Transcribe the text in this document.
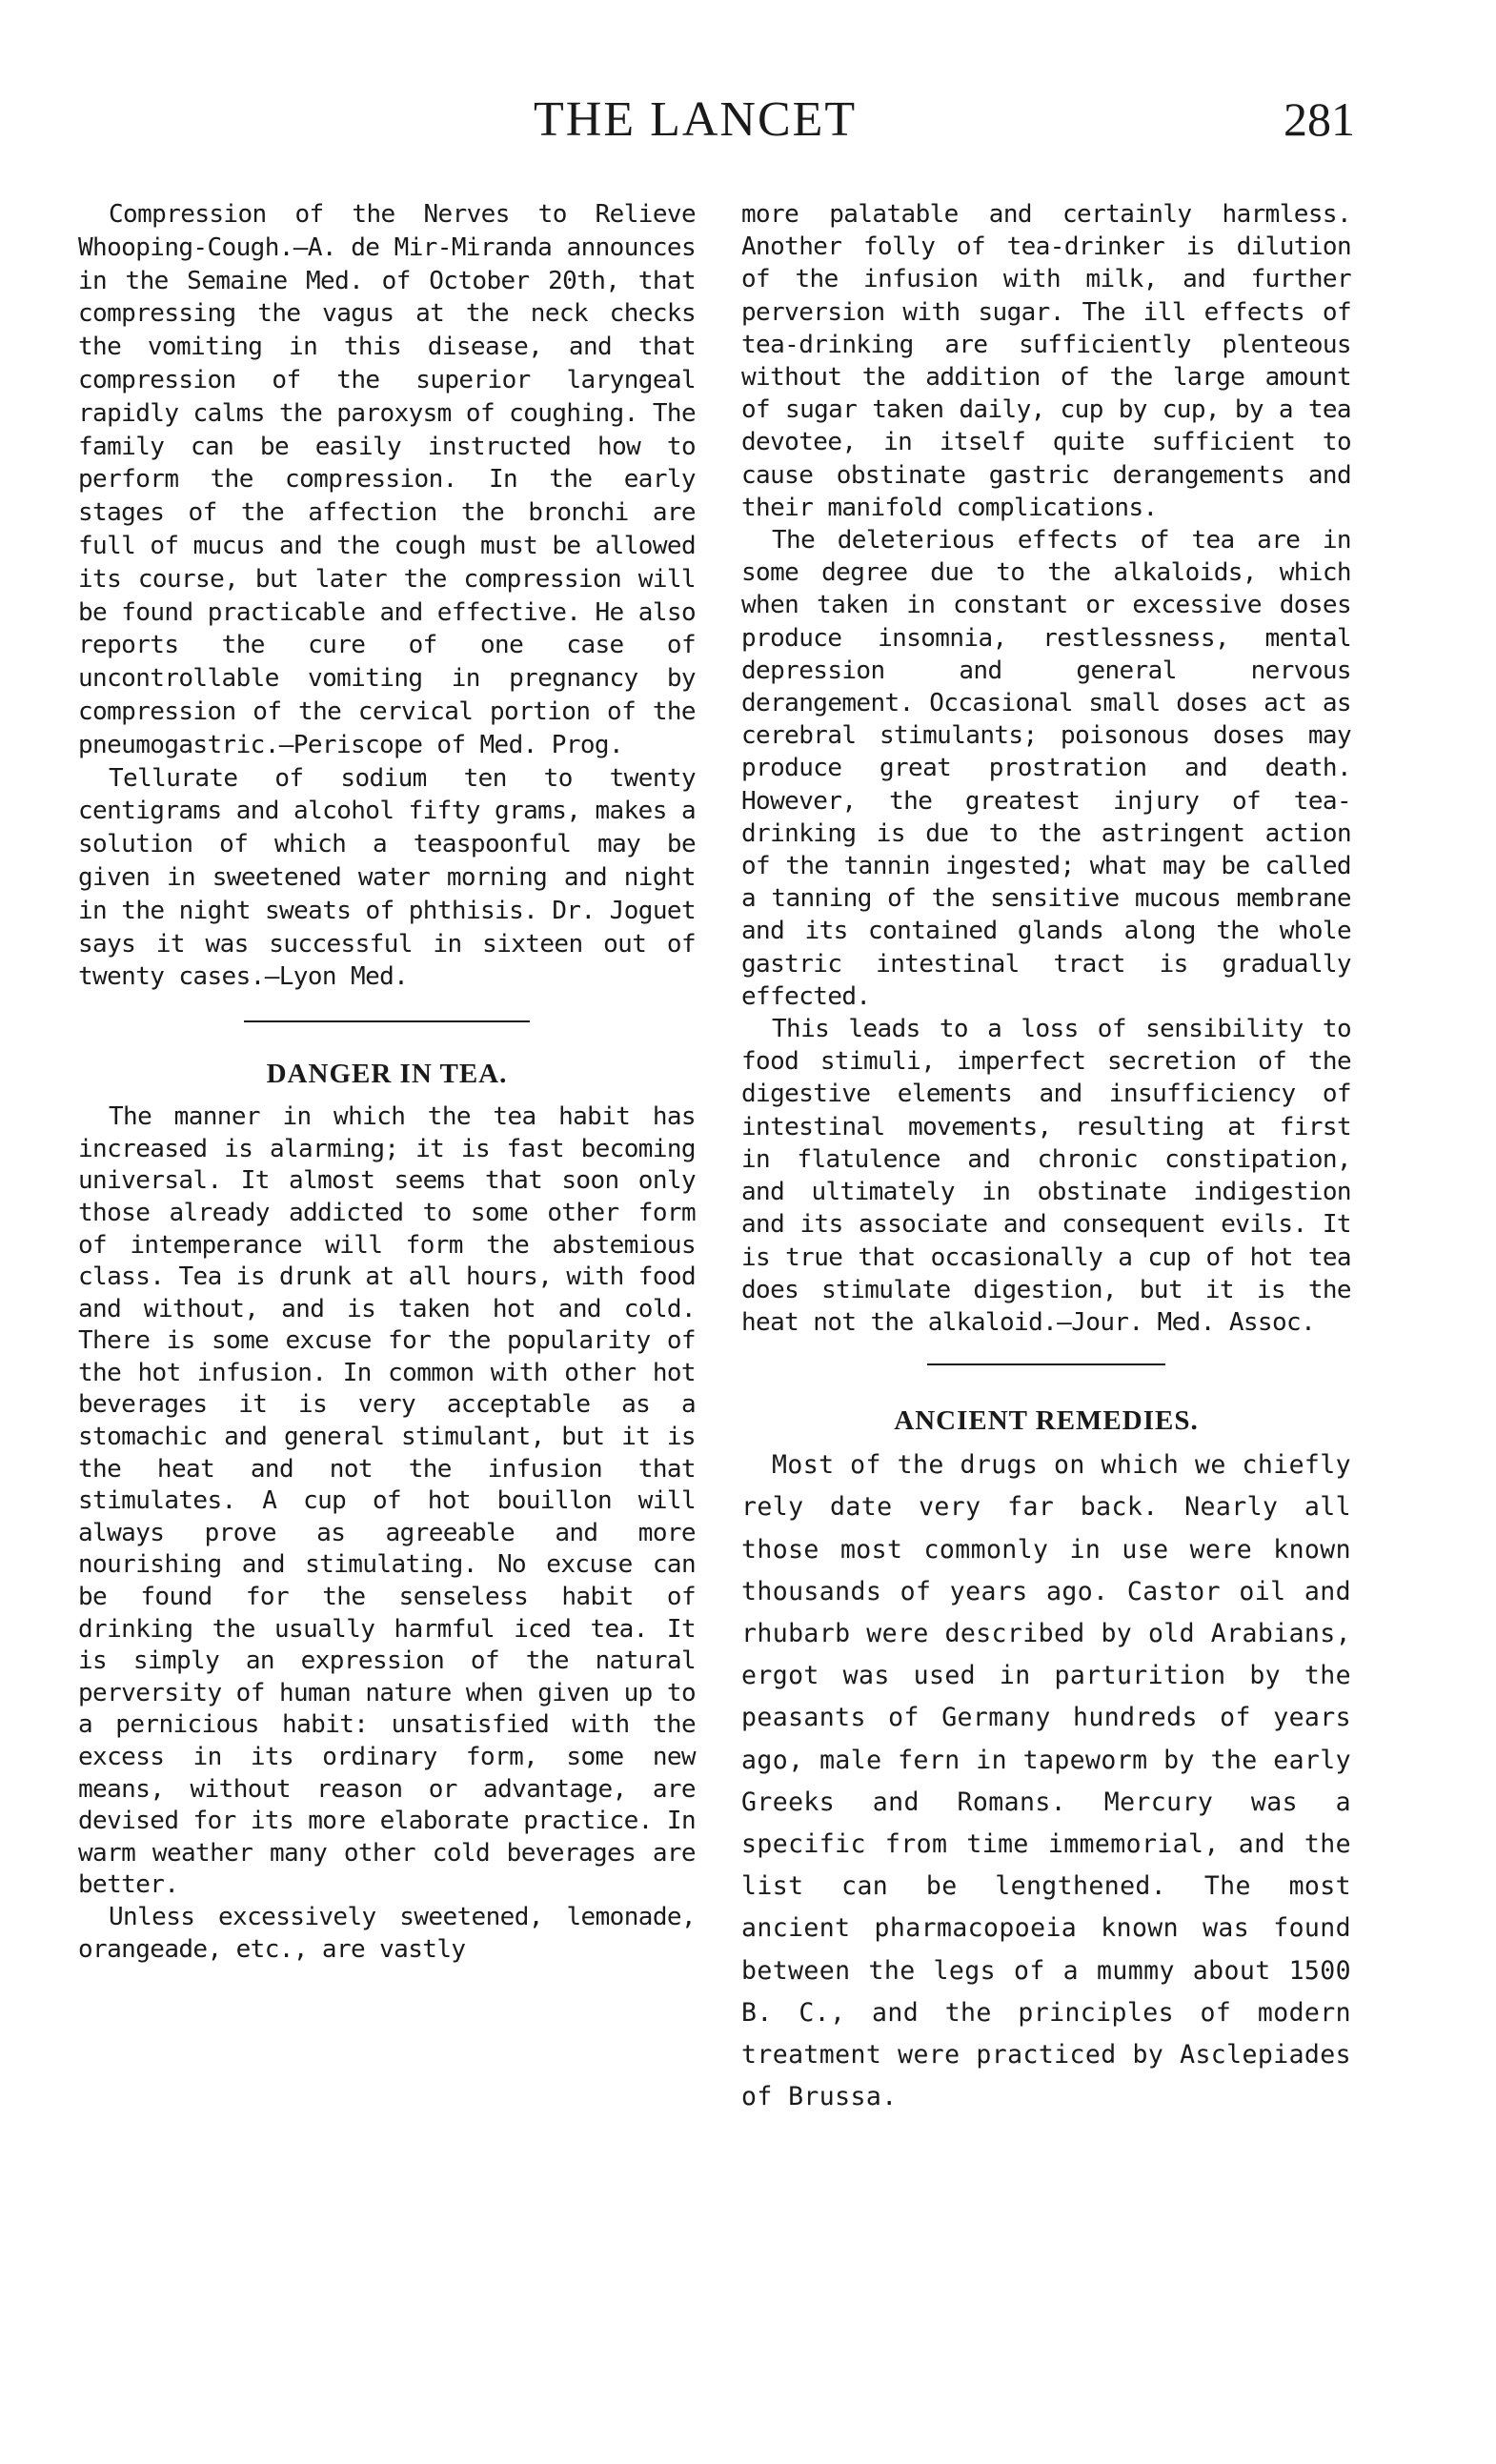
THE LANCET	281

Compression of the Nerves to Relieve Whooping-Cough.—A. de Mir-Miranda announces in the Semaine Med. of October 20th, that compressing the vagus at the neck checks the vomiting in this disease, and that compression of the superior laryngeal rapidly calms the paroxysm of coughing. The family can be easily instructed how to perform the compression. In the early stages of the affection the bronchi are full of mucus and the cough must be allowed its course, but later the compression will be found practicable and effective. He also reports the cure of one case of uncontrollable vomiting in pregnancy by compression of the cervical portion of the pneumogastric.—Periscope of Med. Prog.

Tellurate of sodium ten to twenty centigrams and alcohol fifty grams, makes a solution of which a teaspoonful may be given in sweetened water morning and night in the night sweats of phthisis. Dr. Joguet says it was successful in sixteen out of twenty cases.—Lyon Med.

DANGER IN TEA.

The manner in which the tea habit has increased is alarming; it is fast becoming universal. It almost seems that soon only those already addicted to some other form of intemperance will form the abstemious class. Tea is drunk at all hours, with food and without, and is taken hot and cold. There is some excuse for the popularity of the hot infusion. In common with other hot beverages it is very acceptable as a stomachic and general stimulant, but it is the heat and not the infusion that stimulates. A cup of hot bouillon will always prove as agreeable and more nourishing and stimulating. No excuse can be found for the senseless habit of drinking the usually harmful iced tea. It is simply an expression of the natural perversity of human nature when given up to a pernicious habit: unsatisfied with the excess in its ordinary form, some new means, without reason or advantage, are devised for its more elaborate practice. In warm weather many other cold beverages are better.

Unless excessively sweetened, lemonade, orangeade, etc., are vastly

more palatable and certainly harmless. Another folly of tea-drinker is dilution of the infusion with milk, and further perversion with sugar. The ill effects of tea-drinking are sufficiently plenteous without the addition of the large amount of sugar taken daily, cup by cup, by a tea devotee, in itself quite sufficient to cause obstinate gastric derangements and their manifold complications.

The deleterious effects of tea are in some degree due to the alkaloids, which when taken in constant or excessive doses produce insomnia, restlessness, mental depression and general nervous derangement. Occasional small doses act as cerebral stimulants; poisonous doses may produce great prostration and death. However, the greatest injury of tea-drinking is due to the astringent action of the tannin ingested; what may be called a tanning of the sensitive mucous membrane and its contained glands along the whole gastric intestinal tract is gradually effected.

This leads to a loss of sensibility to food stimuli, imperfect secretion of the digestive elements and insufficiency of intestinal movements, resulting at first in flatulence and chronic constipation, and ultimately in obstinate indigestion and its associate and consequent evils. It is true that occasionally a cup of hot tea does stimulate digestion, but it is the heat not the alkaloid.—Jour. Med. Assoc.

ANCIENT REMEDIES.

Most of the drugs on which we chiefly rely date very far back. Nearly all those most commonly in use were known thousands of years ago. Castor oil and rhubarb were described by old Arabians, ergot was used in parturition by the peasants of Germany hundreds of years ago, male fern in tapeworm by the early Greeks and Romans. Mercury was a specific from time immemorial, and the list can be lengthened. The most ancient pharmacopoeia known was found between the legs of a mummy about 1500 B. C., and the principles of modern treatment were practiced by Asclepiades of Brussa.
